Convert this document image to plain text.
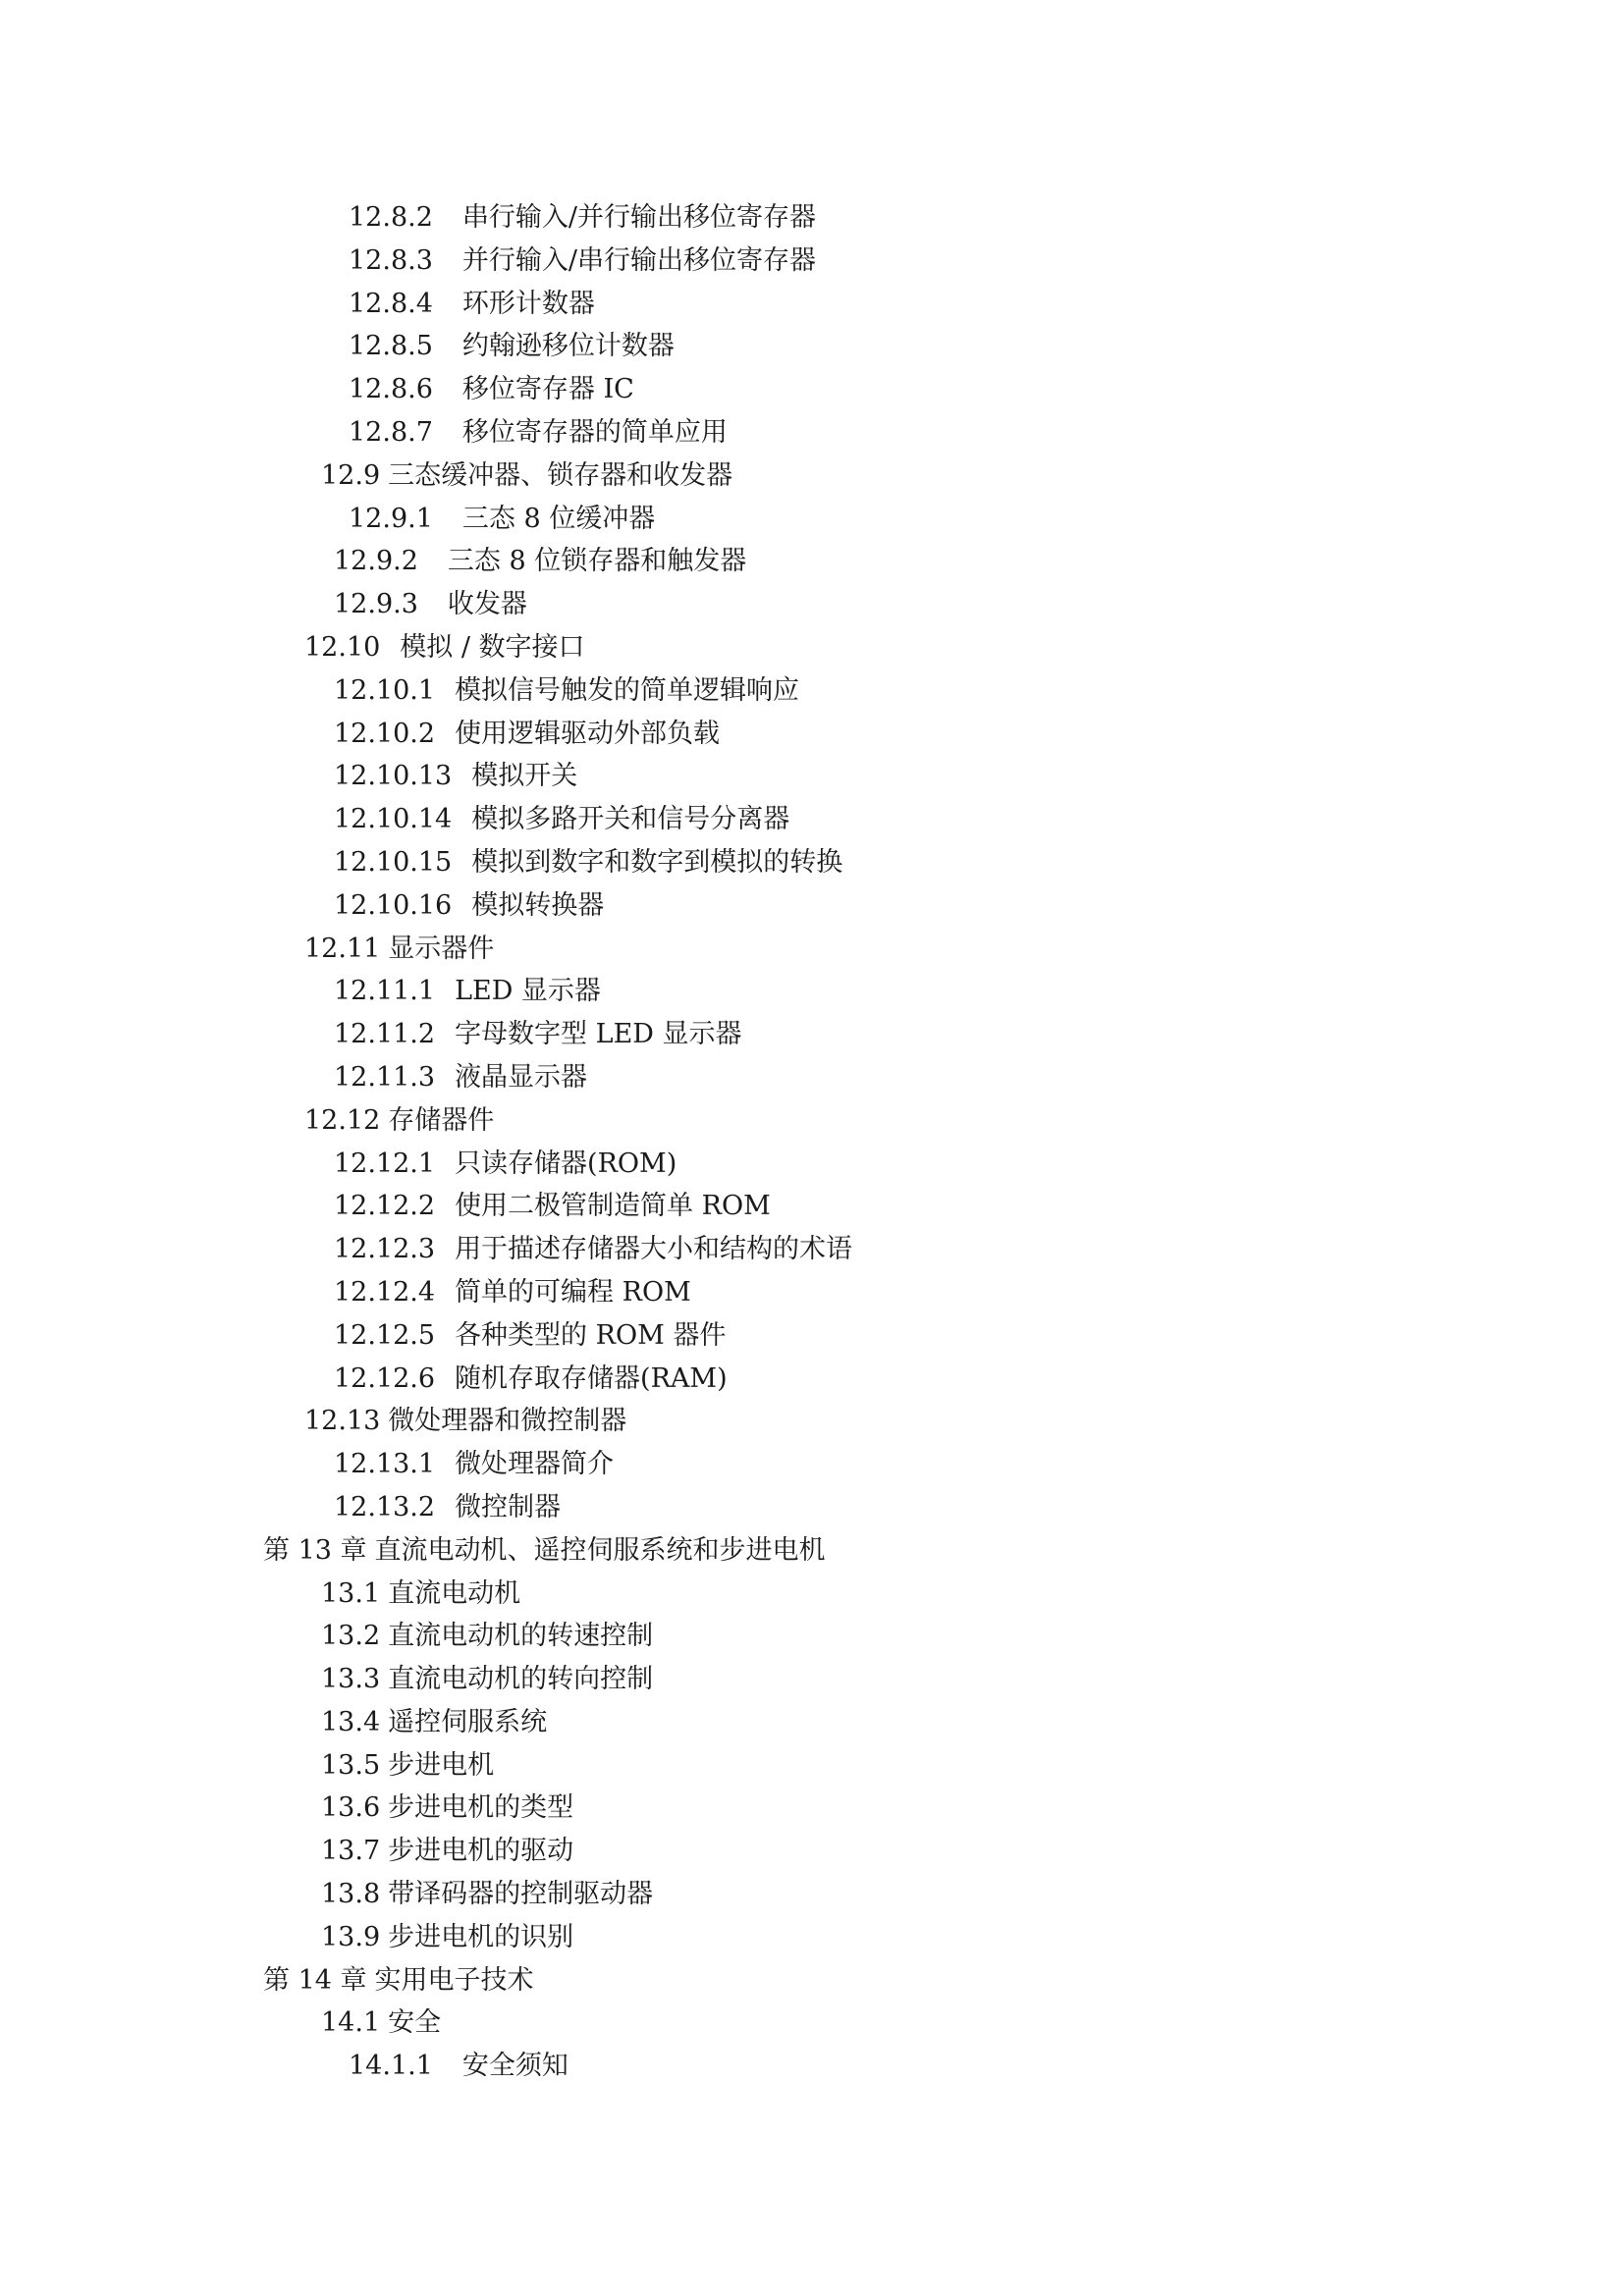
12.8.2 串行输入/并行输出移位寄存器
12.8.3 并行输入/串行输出移位寄存器
12.8.4 环形计数器
12.8.5 约翰逊移位计数器
12.8.6 移位寄存器 IC
12.8.7 移位寄存器的简单应用
12.9 三态缓冲器、锁存器和收发器
12.9.1 三态 8 位缓冲器
12.9.2 三态 8 位锁存器和触发器
12.9.3 收发器
12.10 模拟 / 数字接口
12.10.1 模拟信号触发的简单逻辑响应
12.10.2 使用逻辑驱动外部负载
12.10.13 模拟开关
12.10.14 模拟多路开关和信号分离器
12.10.15 模拟到数字和数字到模拟的转换
12.10.16 模拟转换器
12.11 显示器件
12.11.1 LED 显示器
12.11.2 字母数字型 LED 显示器
12.11.3 液晶显示器
12.12 存储器件
12.12.1 只读存储器(ROM)
12.12.2 使用二极管制造简单 ROM
12.12.3 用于描述存储器大小和结构的术语
12.12.4 简单的可编程 ROM
12.12.5 各种类型的 ROM 器件
12.12.6 随机存取存储器(RAM)
12.13 微处理器和微控制器
12.13.1 微处理器简介
12.13.2 微控制器
第 13 章 直流电动机、遥控伺服系统和步进电机
13.1 直流电动机
13.2 直流电动机的转速控制
13.3 直流电动机的转向控制
13.4 遥控伺服系统
13.5 步进电机
13.6 步进电机的类型
13.7 步进电机的驱动
13.8 带译码器的控制驱动器
13.9 步进电机的识别
第 14 章 实用电子技术
14.1 安全
14.1.1 安全须知
